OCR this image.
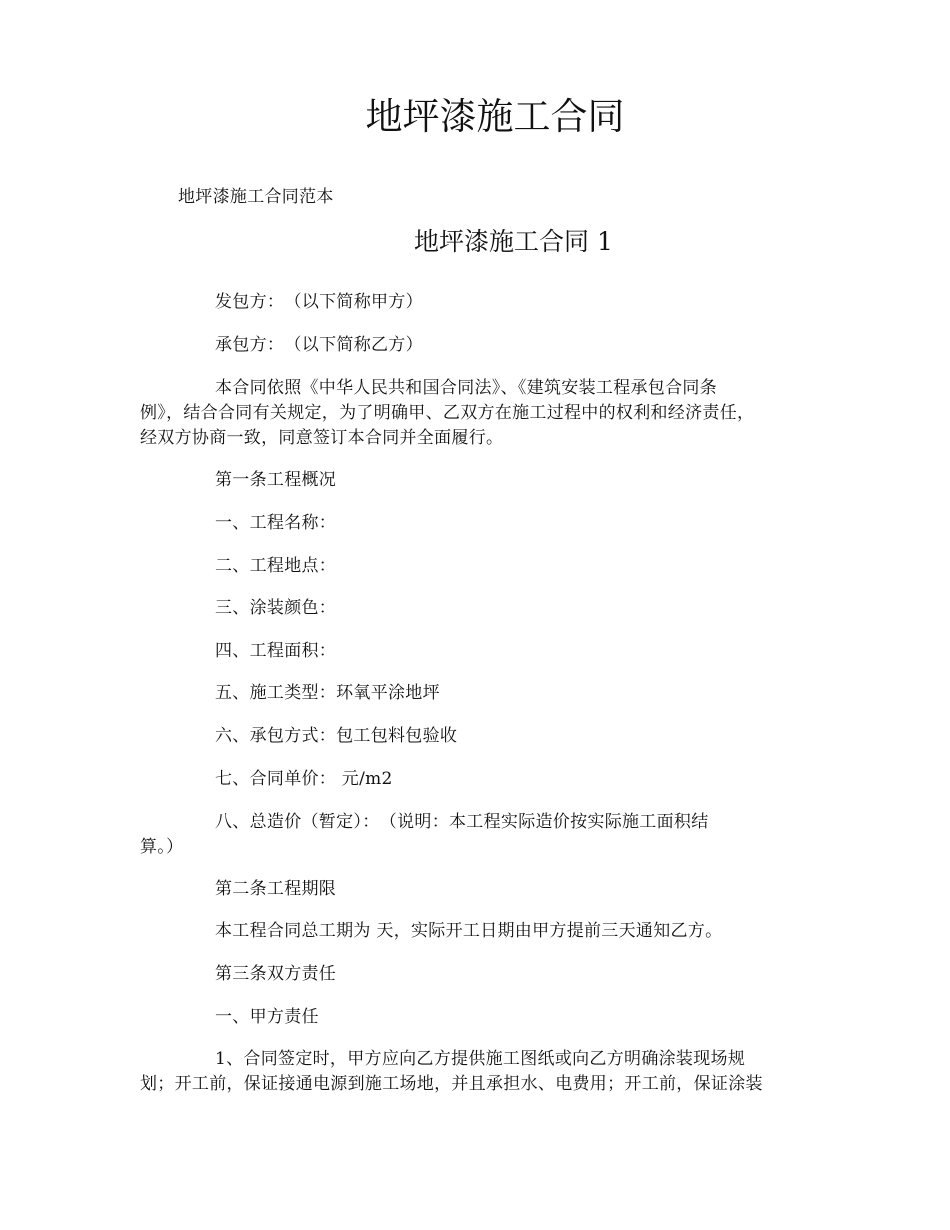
地坪漆施工合同
地坪漆施工合同范本
地坪漆施工合同 1
发包方：　（以下简称甲方）
承包方：　（以下简称乙方）
本合同依照《中华人民共和国合同法》、《建筑安装工程承包合同条
例》，结合合同有关规定，为了明确甲、乙双方在施工过程中的权利和经济责任，
经双方协商一致，同意签订本合同并全面履行。
第一条工程概况
一、工程名称：
二、工程地点：
三、涂装颜色：
四、工程面积：
五、施工类型：环氧平涂地坪
六、承包方式：包工包料包验收
七、合同单价： 元/m2
八、总造价（暂定）：　（说明：本工程实际造价按实际施工面积结
算。）
第二条工程期限
本工程合同总工期为 天，实际开工日期由甲方提前三天通知乙方。
第三条双方责任
一、甲方责任
1、合同签定时，甲方应向乙方提供施工图纸或向乙方明确涂装现场规
划；开工前，保证接通电源到施工场地，并且承担水、电费用；开工前，保证涂装
